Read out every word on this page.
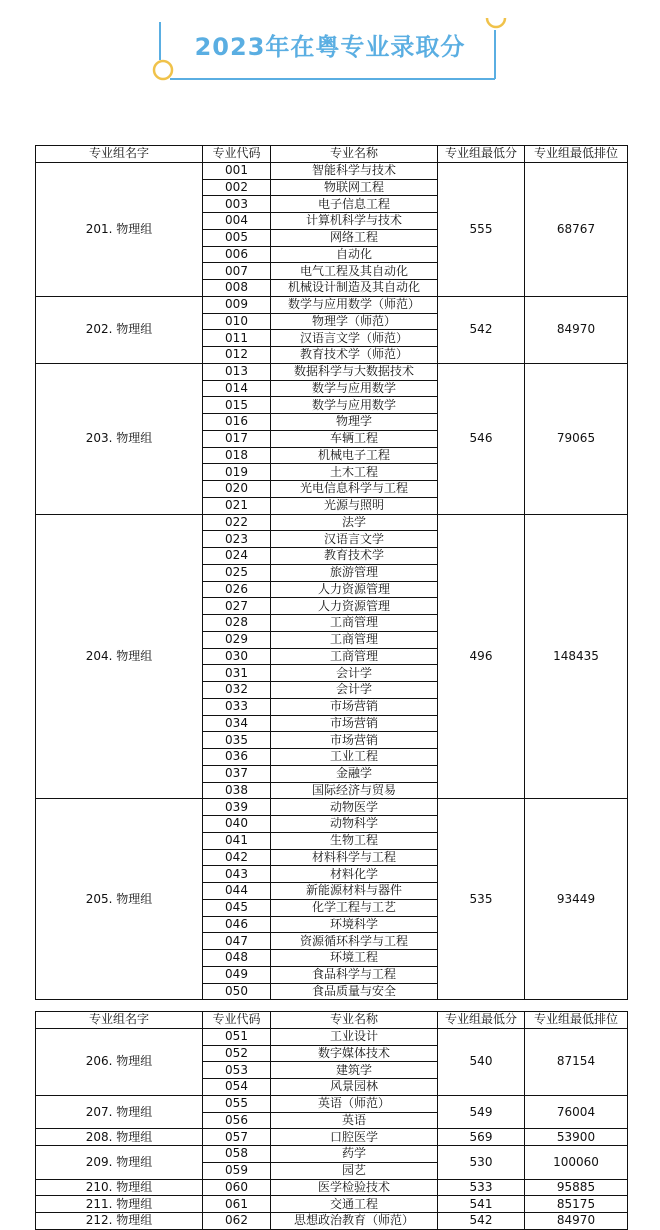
2023年在粤专业录取分
专业组名字	专业代码	专业名称	专业组最低分	专业组最低排位
201. 物理组	001	智能科学与技术	555	68767
	002	物联网工程		
	003	电子信息工程		
	004	计算机科学与技术		
	005	网络工程		
	006	自动化		
	007	电气工程及其自动化		
	008	机械设计制造及其自动化		
202. 物理组	009	数学与应用数学（师范）	542	84970
	010	物理学（师范）		
	011	汉语言文学（师范）		
	012	教育技术学（师范）		
203. 物理组	013	数据科学与大数据技术	546	79065
	014	数学与应用数学		
	015	数学与应用数学		
	016	物理学		
	017	车辆工程		
	018	机械电子工程		
	019	土木工程		
	020	光电信息科学与工程		
	021	光源与照明		
204. 物理组	022	法学	496	148435
	023	汉语言文学		
	024	教育技术学		
	025	旅游管理		
	026	人力资源管理		
	027	人力资源管理		
	028	工商管理		
	029	工商管理		
	030	工商管理		
	031	会计学		
	032	会计学		
	033	市场营销		
	034	市场营销		
	035	市场营销		
	036	工业工程		
	037	金融学		
	038	国际经济与贸易		
205. 物理组	039	动物医学	535	93449
	040	动物科学		
	041	生物工程		
	042	材料科学与工程		
	043	材料化学		
	044	新能源材料与器件		
	045	化学工程与工艺		
	046	环境科学		
	047	资源循环科学与工程		
	048	环境工程		
	049	食品科学与工程		
	050	食品质量与安全		
专业组名字	专业代码	专业名称	专业组最低分	专业组最低排位
206. 物理组	051	工业设计	540	87154
	052	数字媒体技术		
	053	建筑学		
	054	风景园林		
207. 物理组	055	英语（师范）	549	76004
	056	英语		
208. 物理组	057	口腔医学	569	53900
209. 物理组	058	药学	530	100060
	059	园艺		
210. 物理组	060	医学检验技术	533	95885
211. 物理组	061	交通工程	541	85175
212. 物理组	062	思想政治教育（师范）	542	84970
